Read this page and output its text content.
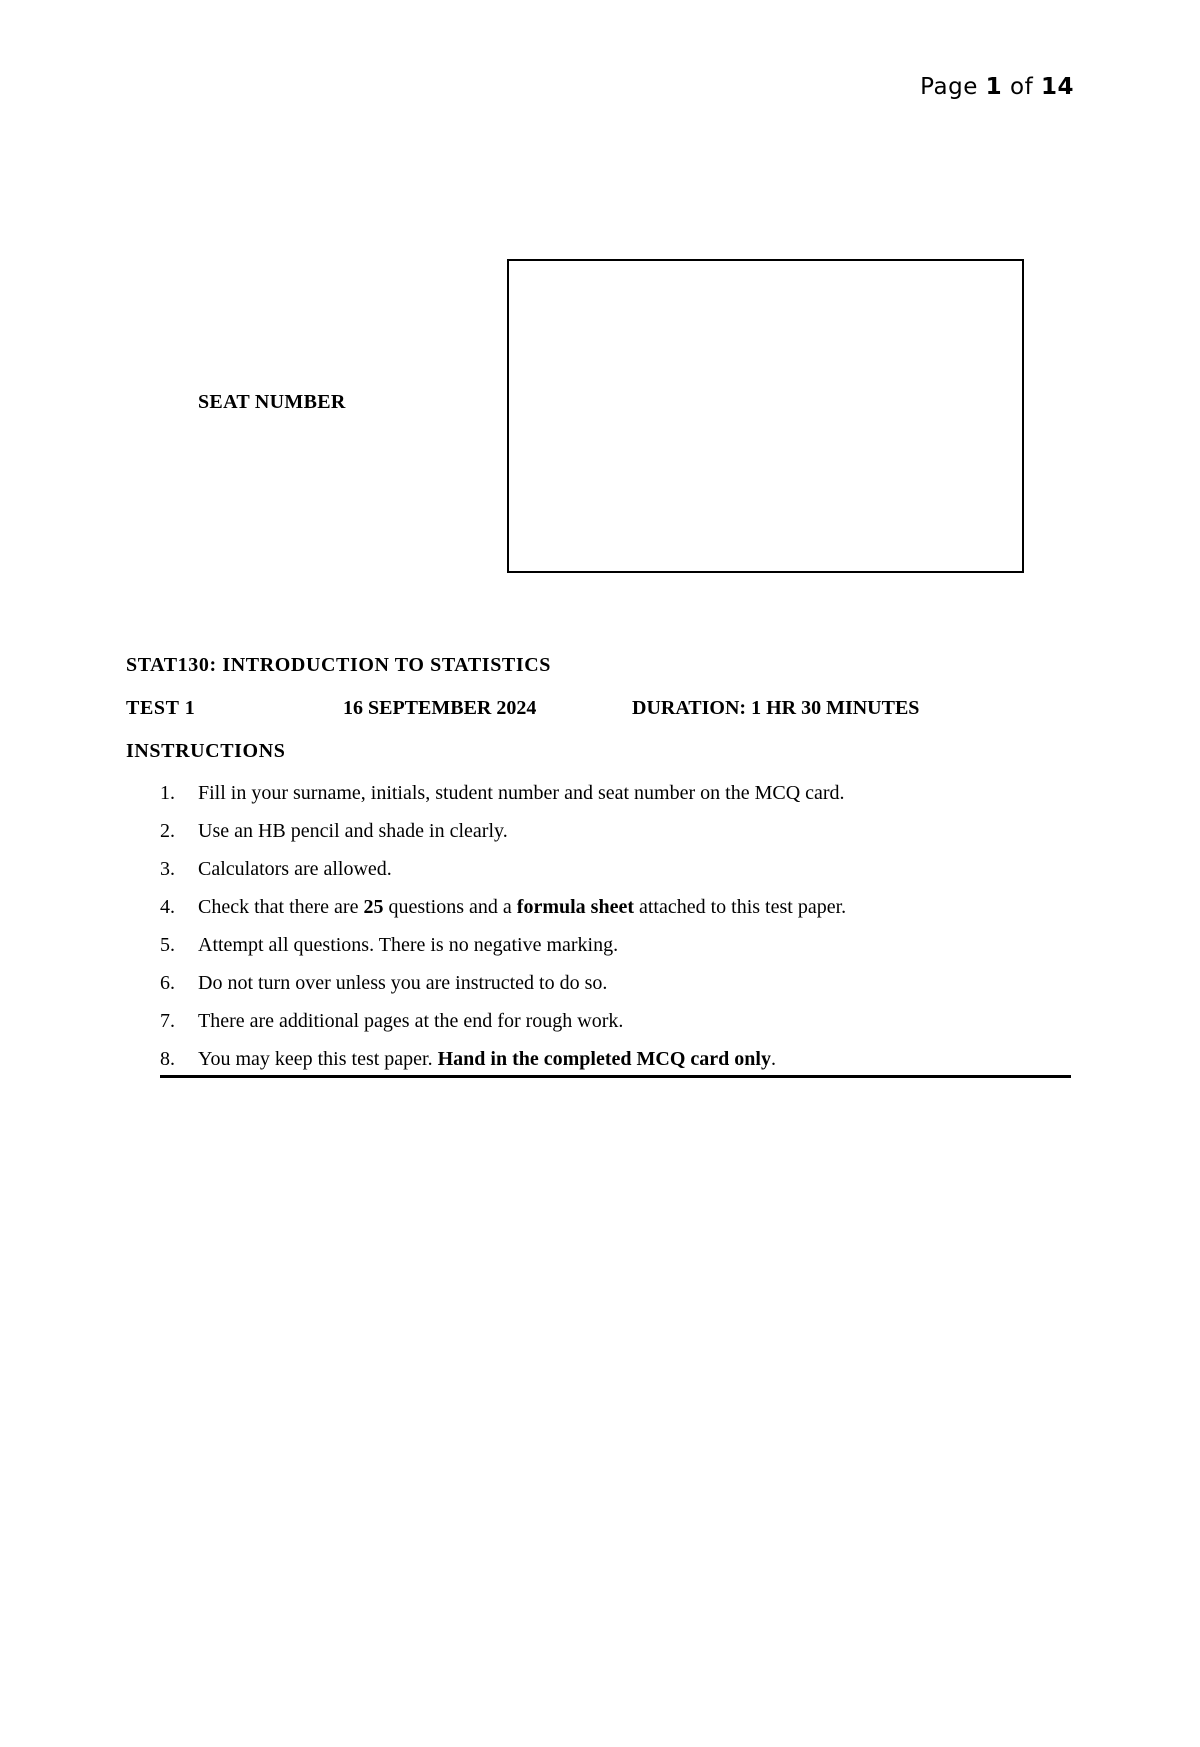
Page 1 of 14
SEAT NUMBER
STAT130: INTRODUCTION TO STATISTICS
TEST 1	16 SEPTEMBER 2024	DURATION: 1 HR 30 MINUTES
INSTRUCTIONS
1.	Fill in your surname, initials, student number and seat number on the MCQ card.
2.	Use an HB pencil and shade in clearly.
3.	Calculators are allowed.
4.	Check that there are 25 questions and a formula sheet attached to this test paper.
5.	Attempt all questions. There is no negative marking.
6.	Do not turn over unless you are instructed to do so.
7.	There are additional pages at the end for rough work.
8.	You may keep this test paper. Hand in the completed MCQ card only.
